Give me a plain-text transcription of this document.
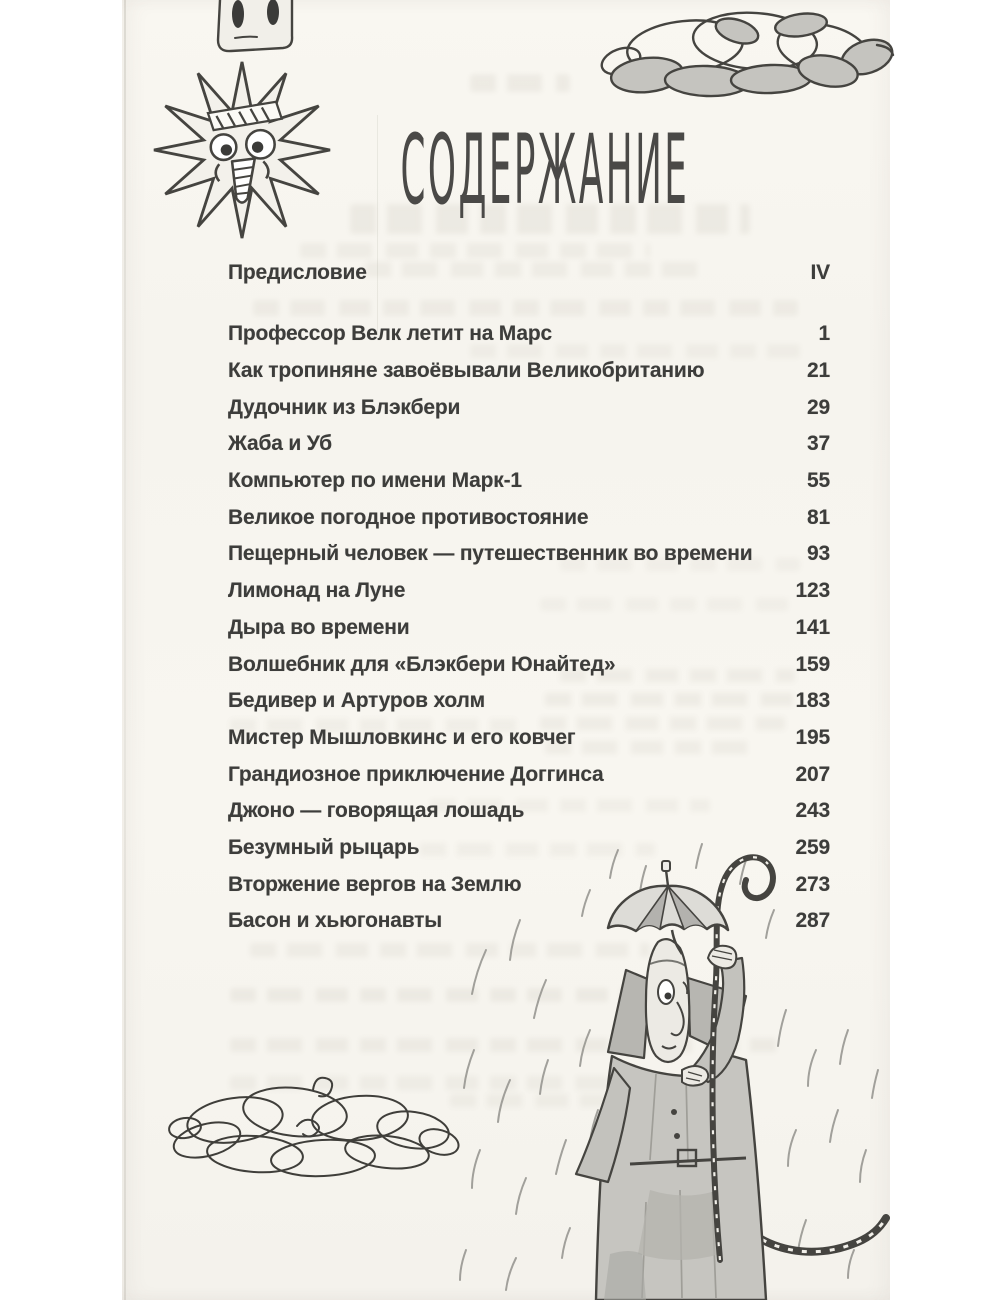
СОДЕРЖАНИЕ
Предисловие	IV
Профессор Велк летит на Марс	1
Как тропиняне завоёвывали Великобританию	21
Дудочник из Блэкбери	29
Жаба и Уб	37
Компьютер по имени Марк-1	55
Великое погодное противостояние	81
Пещерный человек — путешественник во времени	93
Лимонад на Луне	123
Дыра во времени	141
Волшебник для «Блэкбери Юнайтед»	159
Бедивер и Артуров холм	183
Мистер Мышловкинс и его ковчег	195
Грандиозное приключение Доггинса	207
Джоно — говорящая лошадь	243
Безумный рыцарь	259
Вторжение вергов на Землю	273
Басон и хьюгонавты	287
